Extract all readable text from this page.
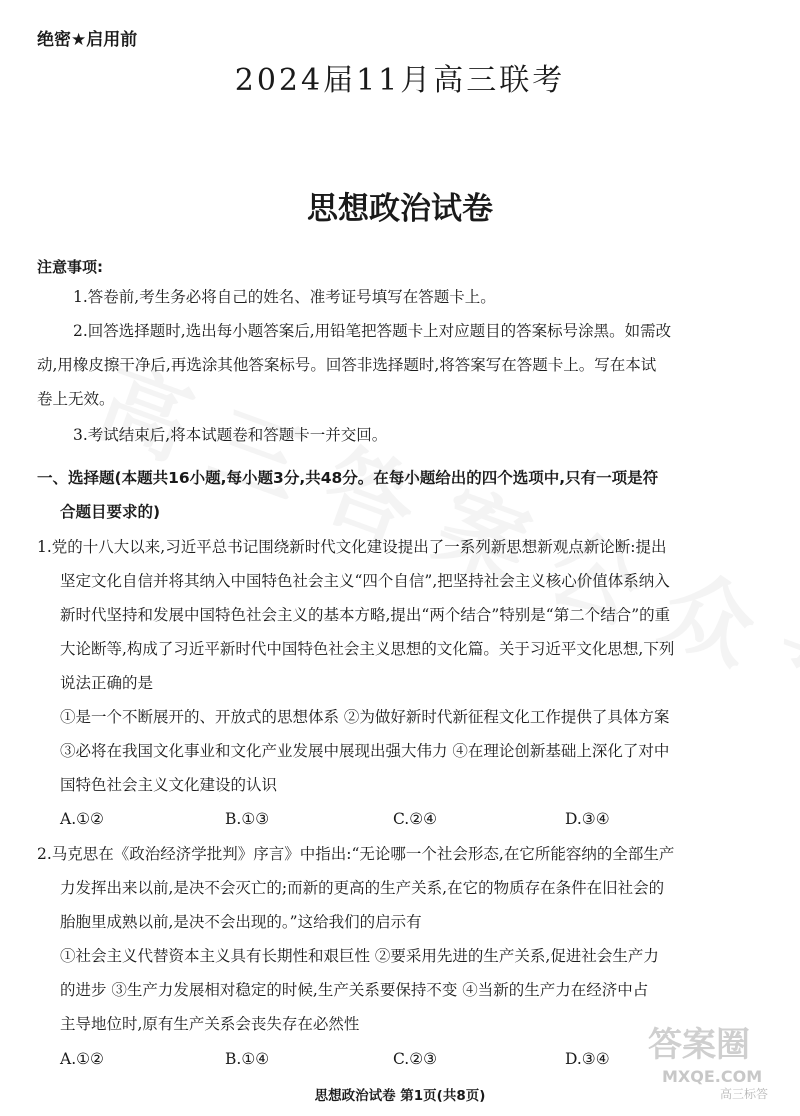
绝密★启用前
2024届11月高三联考
思想政治试卷
注意事项:
1.答卷前,考生务必将自己的姓名、准考证号填写在答题卡上。
2.回答选择题时,选出每小题答案后,用铅笔把答题卡上对应题目的答案标号涂黑。如需改
动,用橡皮擦干净后,再选涂其他答案标号。回答非选择题时,将答案写在答题卡上。写在本试
卷上无效。
3.考试结束后,将本试题卷和答题卡一并交回。
一、选择题(本题共16小题,每小题3分,共48分。在每小题给出的四个选项中,只有一项是符
合题目要求的)
1.党的十八大以来,习近平总书记围绕新时代文化建设提出了一系列新思想新观点新论断:提出
坚定文化自信并将其纳入中国特色社会主义“四个自信”,把坚持社会主义核心价值体系纳入
新时代坚持和发展中国特色社会主义的基本方略,提出“两个结合”特别是“第二个结合”的重
大论断等,构成了习近平新时代中国特色社会主义思想的文化篇。关于习近平文化思想,下列
说法正确的是
①是一个不断展开的、开放式的思想体系 ②为做好新时代新征程文化工作提供了具体方案
③必将在我国文化事业和文化产业发展中展现出强大伟力 ④在理论创新基础上深化了对中
国特色社会主义文化建设的认识
A.①②	B.①③	C.②④	D.③④
2.马克思在《政治经济学批判》序言》中指出:“无论哪一个社会形态,在它所能容纳的全部生产
力发挥出来以前,是决不会灭亡的;而新的更高的生产关系,在它的物质存在条件在旧社会的
胎胞里成熟以前,是决不会出现的。”这给我们的启示有
①社会主义代替资本主义具有长期性和艰巨性 ②要采用先进的生产关系,促进社会生产力
的进步 ③生产力发展相对稳定的时候,生产关系要保持不变 ④当新的生产力在经济中占
主导地位时,原有生产关系会丧失存在必然性
A.①②	B.①④	C.②③	D.③④
思想政治试卷 第1页(共8页)
答案圈
MXQE.COM
高三标答
